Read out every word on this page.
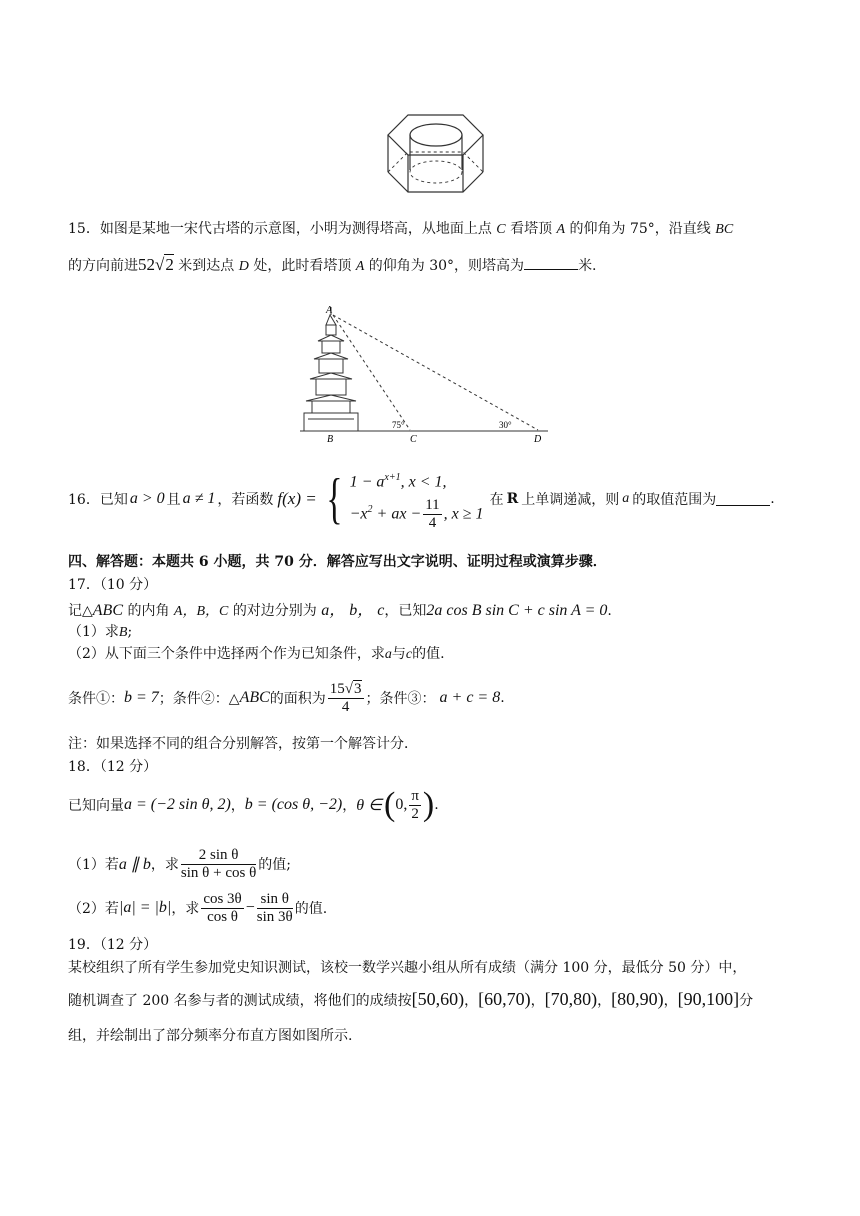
15．如图是某地一宋代古塔的示意图，小明为测得塔高，从地面上点 C 看塔顶 A 的仰角为 75°，沿直线 BC
的方向前进52√2 米到达点 D 处，此时看塔顶 A 的仰角为 30°，则塔高为	米.
A
B	C	D
75°	30°
16． 已知 a > 0 且 a ≠ 1 ，若函数 f(x) = { $1 - a^{x+1}$, x < 1,
$-x^2$ + ax − $\frac{11}{4}$ , x ≥ 1
在 R 上单调递减，则 a 的取值范围为	.
四、解答题：本题共 6 小题，共 70 分．解答应写出文字说明、证明过程或演算步骤．
17．（10 分）
记△ABC 的内角 A，B，C 的对边分别为 a， b， c，已知2a cos B sin C + c sin A = 0.
（1）求B;
（2）从下面三个条件中选择两个作为已知条件，求a与c的值.
条件①： b = 7 ；条件②：△ ABC 的面积为 $\frac{15√3}{4}$ ；条件③： a + c = 8 .
注：如果选择不同的组合分别解答，按第一个解答计分．
18．（12 分）
已知向量 a = (−2 sin θ, 2) ， b = (cos θ, −2) ， θ ∈ ( 0, $\frac{\pi}{2}$ ) .
（1）若 a ∥ b ，求 $\frac{\text{2 sin θ}}{\text{sin θ + cos θ}}$ 的值;
（2）若 |a| = |b| ，求 $\frac{\cos 3\theta}{\text{cos θ}} - \frac{\text{sin θ}}{\sin 3\theta}$ 的值.
19．（12 分）
某校组织了所有学生参加党史知识测试，该校一数学兴趣小组从所有成绩（满分 100 分，最低分 50 分）中，
随机调查了 200 名参与者的测试成绩，将他们的成绩按[50,60)，[60,70)，[70,80)，[80,90)，[90,100]分
组，并绘制出了部分频率分布直方图如图所示.
